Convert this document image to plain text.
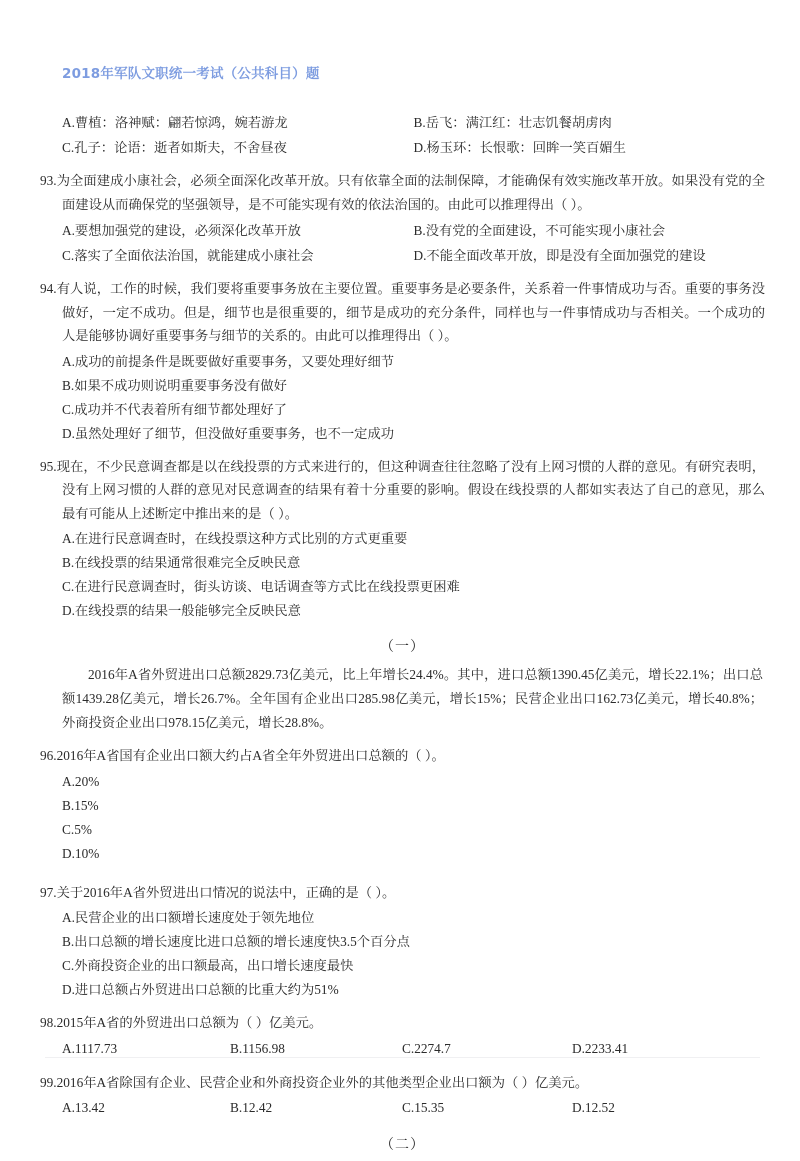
2018年军队文职统一考试（公共科目）题
A.曹植：洛神赋：翩若惊鸿，婉若游龙	B.岳飞：满江红：壮志饥餐胡虏肉
C.孔子：论语：逝者如斯夫，不舍昼夜	D.杨玉环：长恨歌：回眸一笑百媚生
93.为全面建成小康社会，必须全面深化改革开放。只有依靠全面的法制保障，才能确保有效实施改革开放。如果没有党的全面建设从而确保党的坚强领导，是不可能实现有效的依法治国的。由此可以推理得出（ ）。
A.要想加强党的建设，必须深化改革开放	B.没有党的全面建设，不可能实现小康社会
C.落实了全面依法治国，就能建成小康社会	D.不能全面改革开放，即是没有全面加强党的建设
94.有人说，工作的时候，我们要将重要事务放在主要位置。重要事务是必要条件，关系着一件事情成功与否。重要的事务没做好，一定不成功。但是，细节也是很重要的，细节是成功的充分条件，同样也与一件事情成功与否相关。一个成功的人是能够协调好重要事务与细节的关系的。由此可以推理得出（ ）。
A.成功的前提条件是既要做好重要事务，又要处理好细节
B.如果不成功则说明重要事务没有做好
C.成功并不代表着所有细节都处理好了
D.虽然处理好了细节，但没做好重要事务，也不一定成功
95.现在，不少民意调查都是以在线投票的方式来进行的，但这种调查往往忽略了没有上网习惯的人群的意见。有研究表明，没有上网习惯的人群的意见对民意调查的结果有着十分重要的影响。假设在线投票的人都如实表达了自己的意见，那么最有可能从上述断定中推出来的是（ ）。
A.在进行民意调查时，在线投票这种方式比别的方式更重要
B.在线投票的结果通常很难完全反映民意
C.在进行民意调查时，街头访谈、电话调查等方式比在线投票更困难
D.在线投票的结果一般能够完全反映民意
（一）
2016年A省外贸进出口总额2829.73亿美元，比上年增长24.4%。其中，进口总额1390.45亿美元，增长22.1%；出口总额1439.28亿美元，增长26.7%。全年国有企业出口285.98亿美元，增长15%；民营企业出口162.73亿美元，增长40.8%；外商投资企业出口978.15亿美元，增长28.8%。
96.2016年A省国有企业出口额大约占A省全年外贸进出口总额的（ ）。
A.20%
B.15%
C.5%
D.10%
97.关于2016年A省外贸进出口情况的说法中，正确的是（ ）。
A.民营企业的出口额增长速度处于领先地位
B.出口总额的增长速度比进口总额的增长速度快3.5个百分点
C.外商投资企业的出口额最高，出口增长速度最快
D.进口总额占外贸进出口总额的比重大约为51%
98.2015年A省的外贸进出口总额为（ ）亿美元。
A.1117.73	B.1156.98	C.2274.7	D.2233.41
99.2016年A省除国有企业、民营企业和外商投资企业外的其他类型企业出口额为（ ）亿美元。
A.13.42	B.12.42	C.15.35	D.12.52
（二）
